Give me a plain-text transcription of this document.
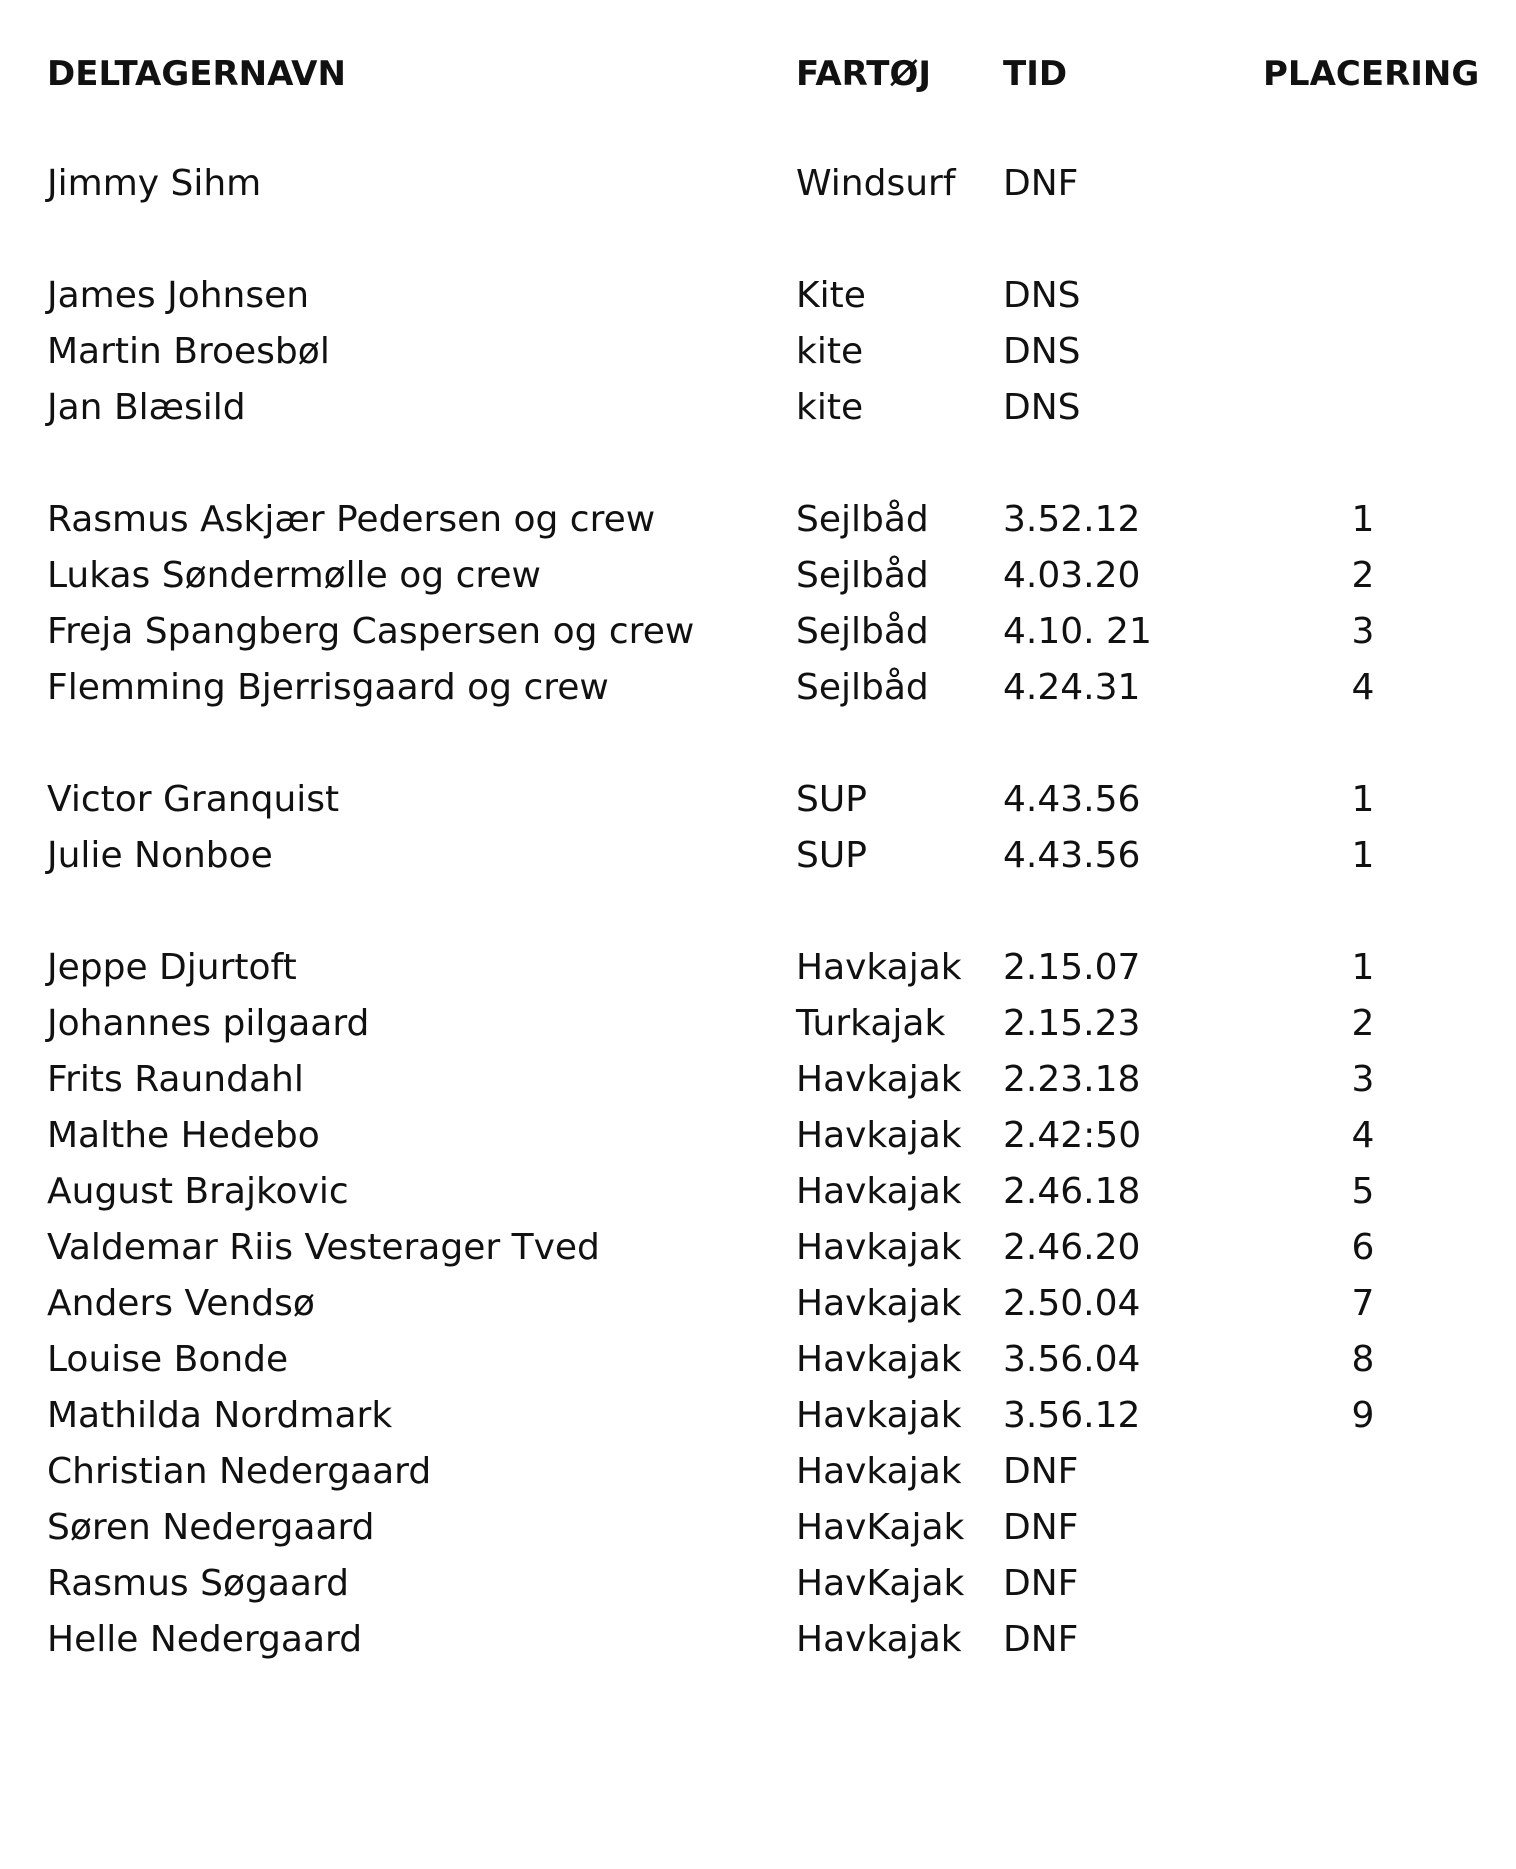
DELTAGERNAVN	FARTØJ TID	PLACERING
Jimmy Sihm	Windsurf DNF
James Johnsen	Kite	DNS
Martin Broesbøl	kite	DNS
Jan Blæsild	kite	DNS
Rasmus Askjær Pedersen og crew	Sejlbåd 3.52.12	1
Lukas Søndermølle og crew	Sejlbåd 4.03.20	2
Freja Spangberg Caspersen og crew	Sejlbåd 4.10. 21	3
Flemming Bjerrisgaard og crew	Sejlbåd 4.24.31	4
Victor Granquist	SUP	4.43.56	1
Julie Nonboe	SUP	4.43.56	1
Jeppe Djurtoft	Havkajak 2.15.07	1
Johannes pilgaard	Turkajak 2.15.23	2
Frits Raundahl	Havkajak 2.23.18	3
Malthe Hedebo	Havkajak 2.42:50	4
August Brajkovic	Havkajak 2.46.18	5
Valdemar Riis Vesterager Tved	Havkajak 2.46.20	6
Anders Vendsø	Havkajak 2.50.04	7
Louise Bonde	Havkajak 3.56.04	8
Mathilda Nordmark	Havkajak 3.56.12	9
Christian Nedergaard	Havkajak DNF
Søren Nedergaard	HavKajak DNF
Rasmus Søgaard	HavKajak DNF
Helle Nedergaard	Havkajak DNF
